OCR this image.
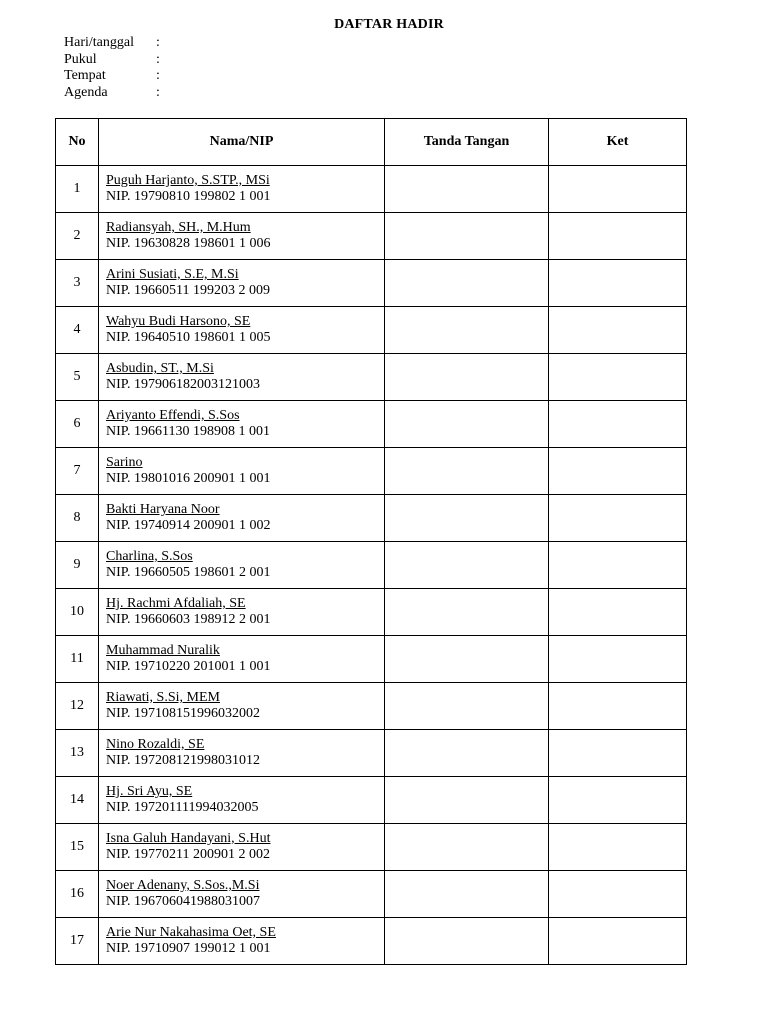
DAFTAR HADIR
Hari/tanggal :
Pukul	:
Tempat	:
Agenda	:
No	Nama/NIP	Tanda Tangan	Ket
1	Puguh Harjanto, S.STP., MSi
NIP. 19790810 199802 1 001		

2	Radiansyah, SH., M.Hum
NIP. 19630828 198601 1 006		

3	Arini Susiati, S.E, M.Si
NIP. 19660511 199203 2 009		

4	Wahyu Budi Harsono, SE
NIP. 19640510 198601 1 005		

5	Asbudin, ST., M.Si
NIP. 197906182003121003		

6	Ariyanto Effendi, S.Sos
NIP. 19661130 198908 1 001		

7	Sarino
NIP. 19801016 200901 1 001		

8	Bakti Haryana Noor
NIP. 19740914 200901 1 002		

9	Charlina, S.Sos
NIP. 19660505 198601 2 001		

10	Hj. Rachmi Afdaliah, SE
NIP. 19660603 198912 2 001		

11	Muhammad Nuralik
NIP. 19710220 201001 1 001		

12	Riawati, S.Si, MEM
NIP. 197108151996032002		

13	Nino Rozaldi, SE
NIP. 197208121998031012		

14	Hj. Sri Ayu, SE
NIP. 197201111994032005		

15	Isna Galuh Handayani, S.Hut
NIP. 19770211 200901 2 002		

16	Noer Adenany, S.Sos.,M.Si
NIP. 196706041988031007		

17	Arie Nur Nakahasima Oet, SE
NIP. 19710907 199012 1 001		
